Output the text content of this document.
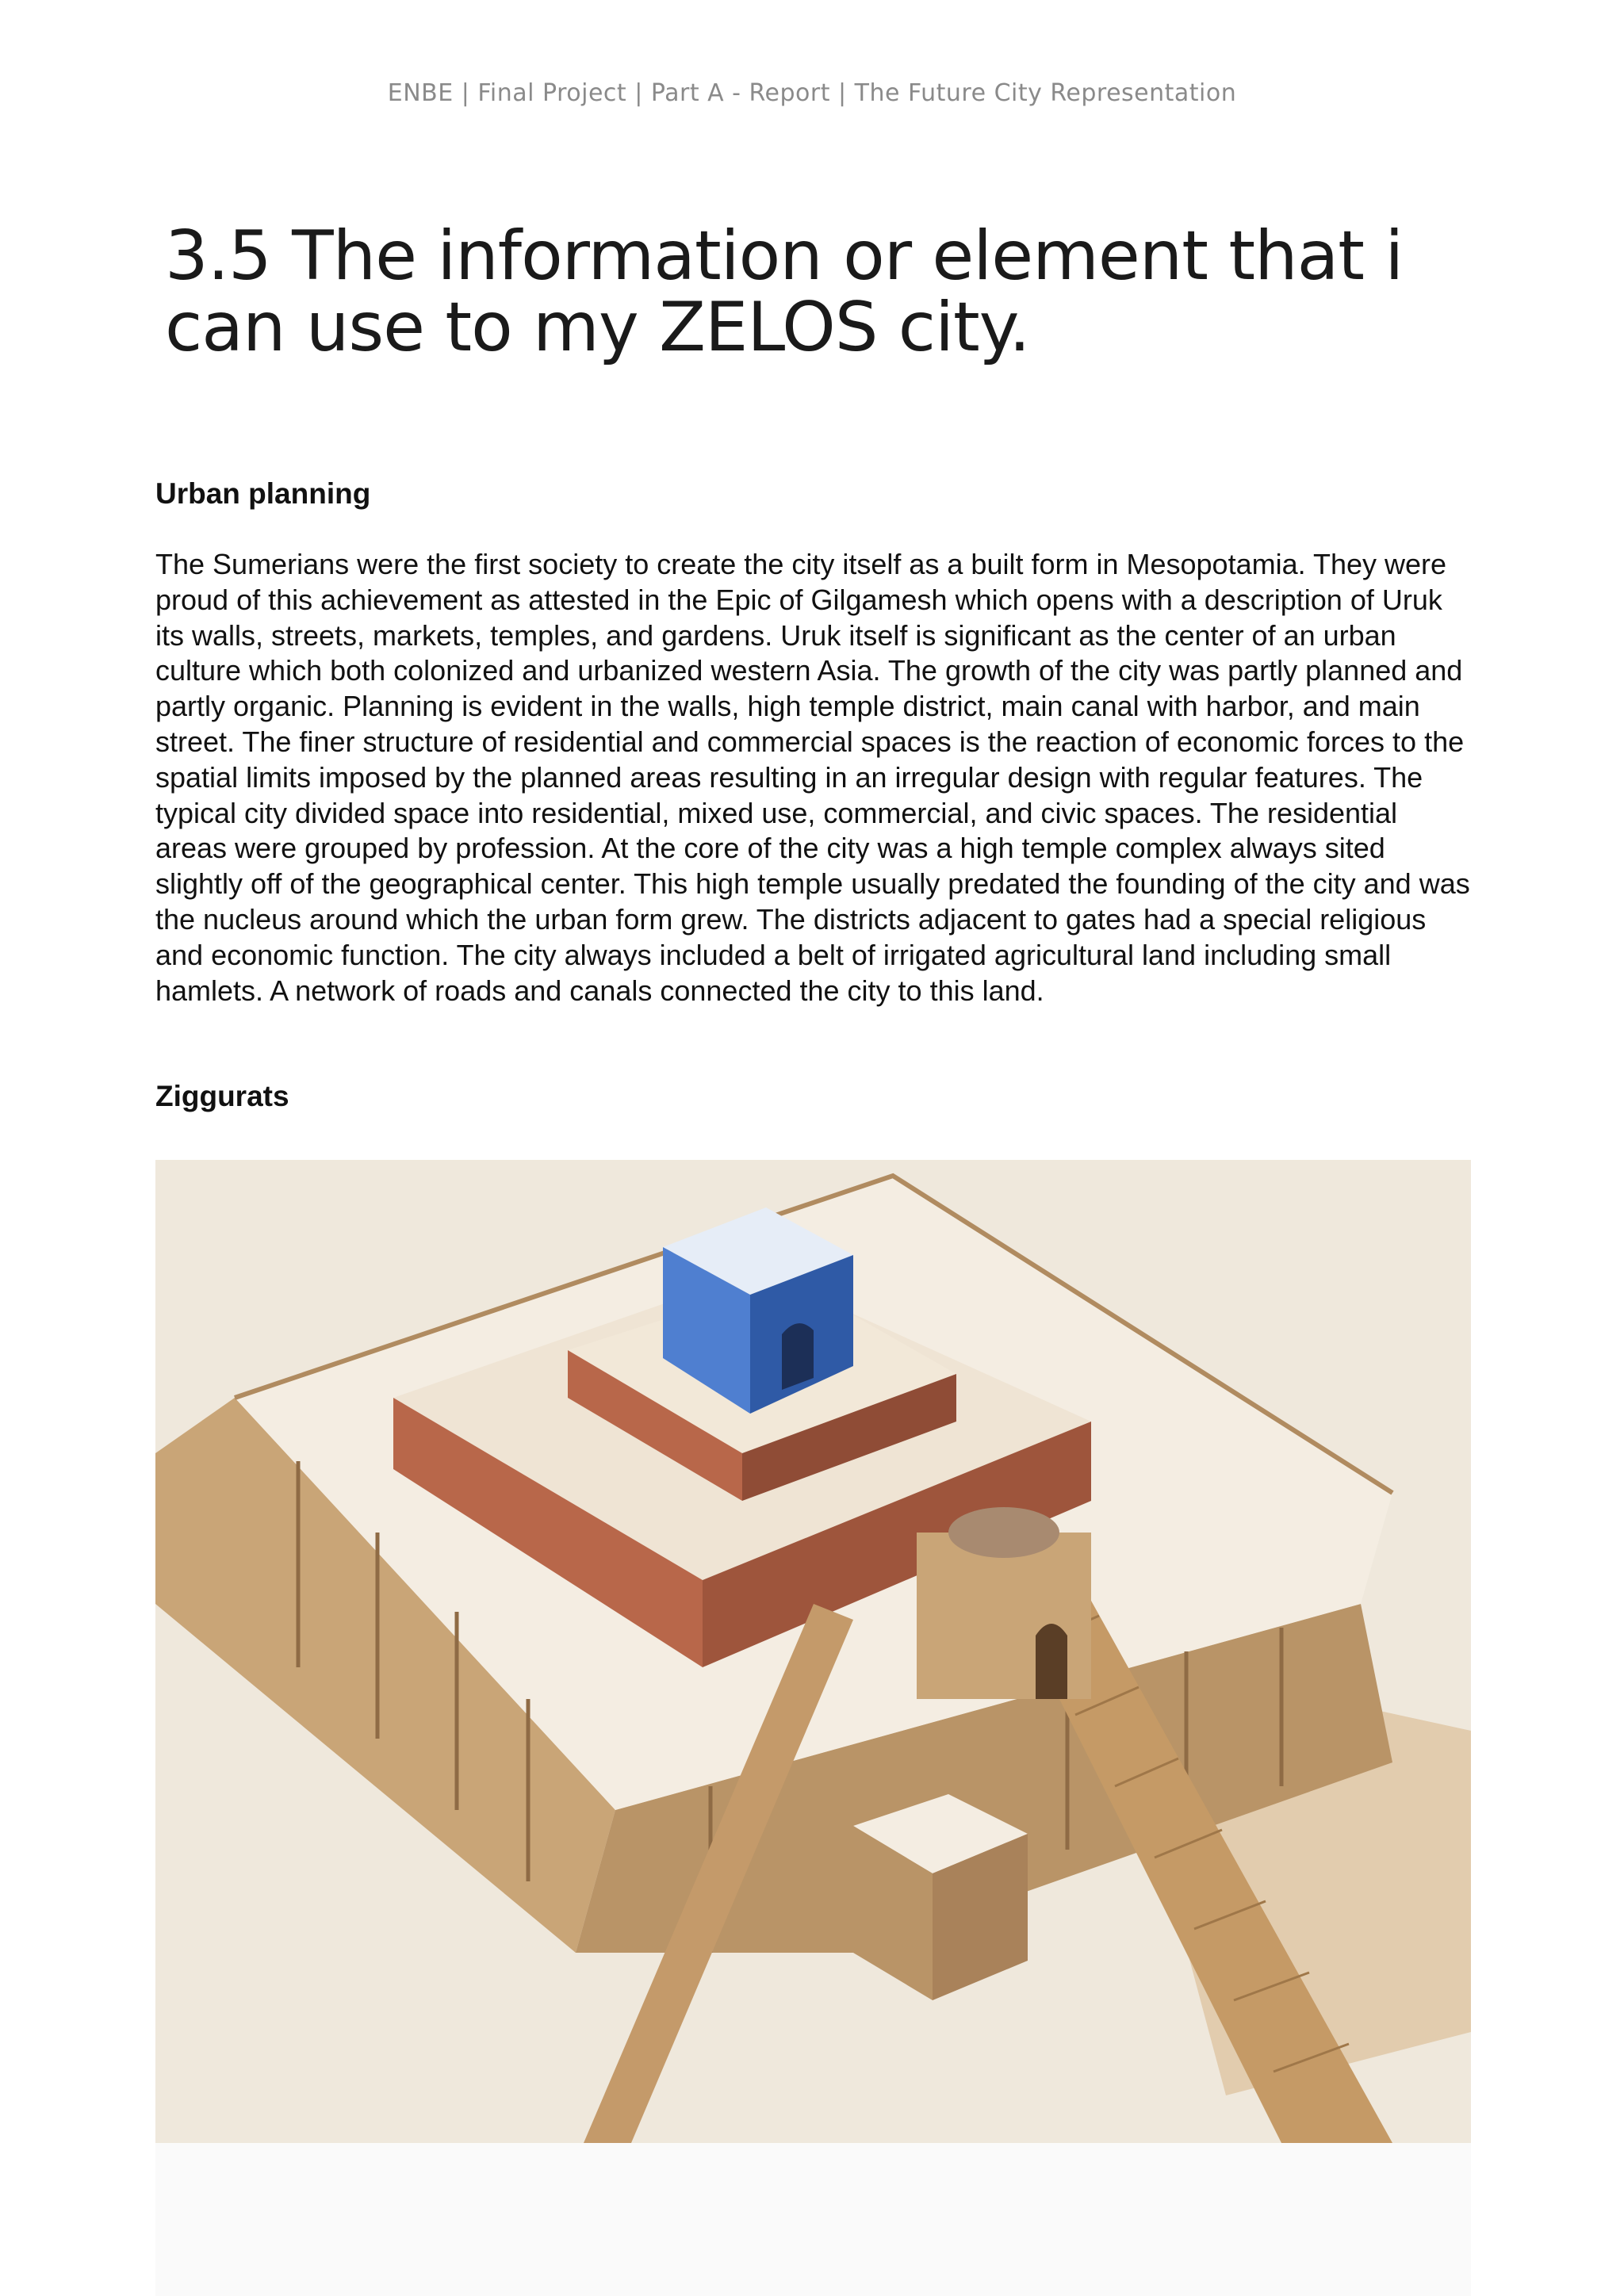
ENBE | Final Project | Part A - Report | The Future City Representation
3.5 The information or element that i can use to my ZELOS city.
Urban planning

The Sumerians were the first society to create the city itself as a built form in Mesopotamia. They were proud of this achievement as attested in the Epic of Gilgamesh which opens with a description of Uruk its walls, streets, markets, temples, and gardens. Uruk itself is significant as the center of an urban culture which both colonized and urbanized western Asia. The growth of the city was partly planned and partly organic. Planning is evident in the walls, high temple district, main canal with harbor, and main street. The finer structure of residential and commercial spaces is the reaction of economic forces to the spatial limits imposed by the planned areas resulting in an irregular design with regular features. The typical city divided space into residential, mixed use, commercial, and civic spaces. The residential areas were grouped by profession. At the core of the city was a high temple complex always sited slightly off of the geographical center. This high temple usually predated the founding of the city and was the nucleus around which the urban form grew. The districts adjacent to gates had a special religious and economic function. The city always included a belt of irrigated agricultural land including small hamlets. A network of roads and canals connected the city to this land.

Ziggurats
